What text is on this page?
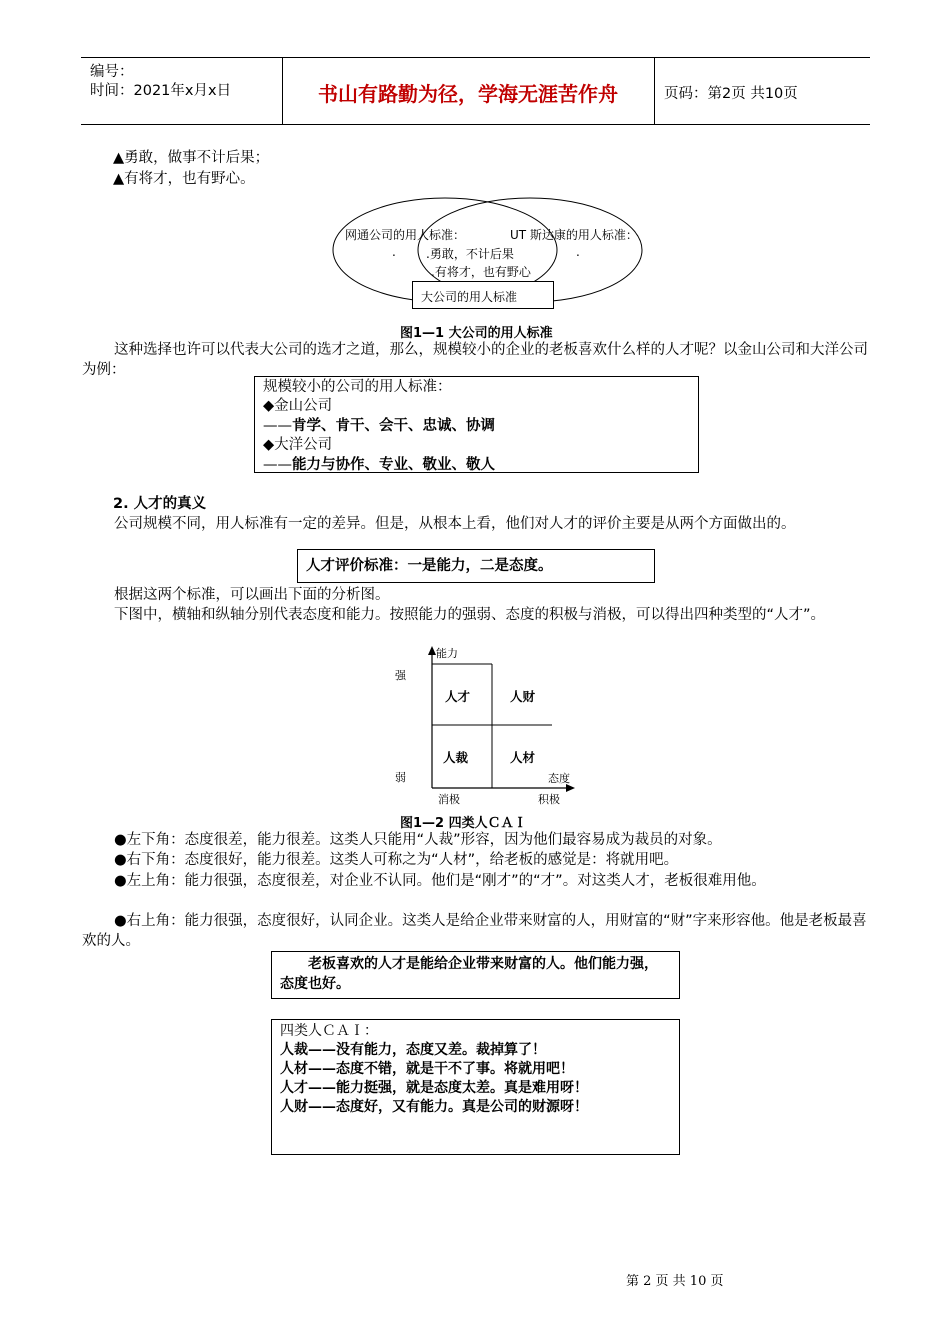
编号：
时间：2021年x月x日	书山有路勤为径，学海无涯苦作舟	页码：第2页 共10页
▲勇敢，做事不计后果；
▲有将才，也有野心。
网通公司的用人标准：	UT 斯达康的用人标准：
.	.
.勇敢，不计后果
.有将才，也有野心
大公司的用人标准
图1—1 大公司的用人标准
这种选择也许可以代表大公司的选才之道，那么，规模较小的企业的老板喜欢什么样的人才呢？以金山公司和大洋公司为例：
规模较小的公司的用人标准：
◆金山公司
——肯学、肯干、会干、忠诚、协调
◆大洋公司
——能力与协作、专业、敬业、敬人
2. 人才的真义
公司规模不同，用人标准有一定的差异。但是，从根本上看，他们对人才的评价主要是从两个方面做出的。
人才评价标准：一是能力，二是态度。
根据这两个标准，可以画出下面的分析图。
下图中，横轴和纵轴分别代表态度和能力。按照能力的强弱、态度的积极与消极，可以得出四种类型的“人才”。
能力
强
弱	态度
消极	积极
人才	人财
人裁	人材
图1—2 四类人ＣＡＩ
●左下角：态度很差，能力很差。这类人只能用“人裁”形容，因为他们最容易成为裁员的对象。
●右下角：态度很好，能力很差。这类人可称之为“人材”，给老板的感觉是：将就用吧。
●左上角：能力很强，态度很差，对企业不认同。他们是“刚才”的“才”。对这类人才，老板很难用他。
●右上角：能力很强，态度很好，认同企业。这类人是给企业带来财富的人，用财富的“财”字来形容他。他是老板最喜欢的人。
老板喜欢的人才是能给企业带来财富的人。他们能力强，态度也好。
四类人ＣＡＩ：
人裁——没有能力，态度又差。裁掉算了！
人材——态度不错，就是干不了事。将就用吧！
人才——能力挺强，就是态度太差。真是难用呀！
人财——态度好，又有能力。真是公司的财源呀！
第 2 页 共 10 页
